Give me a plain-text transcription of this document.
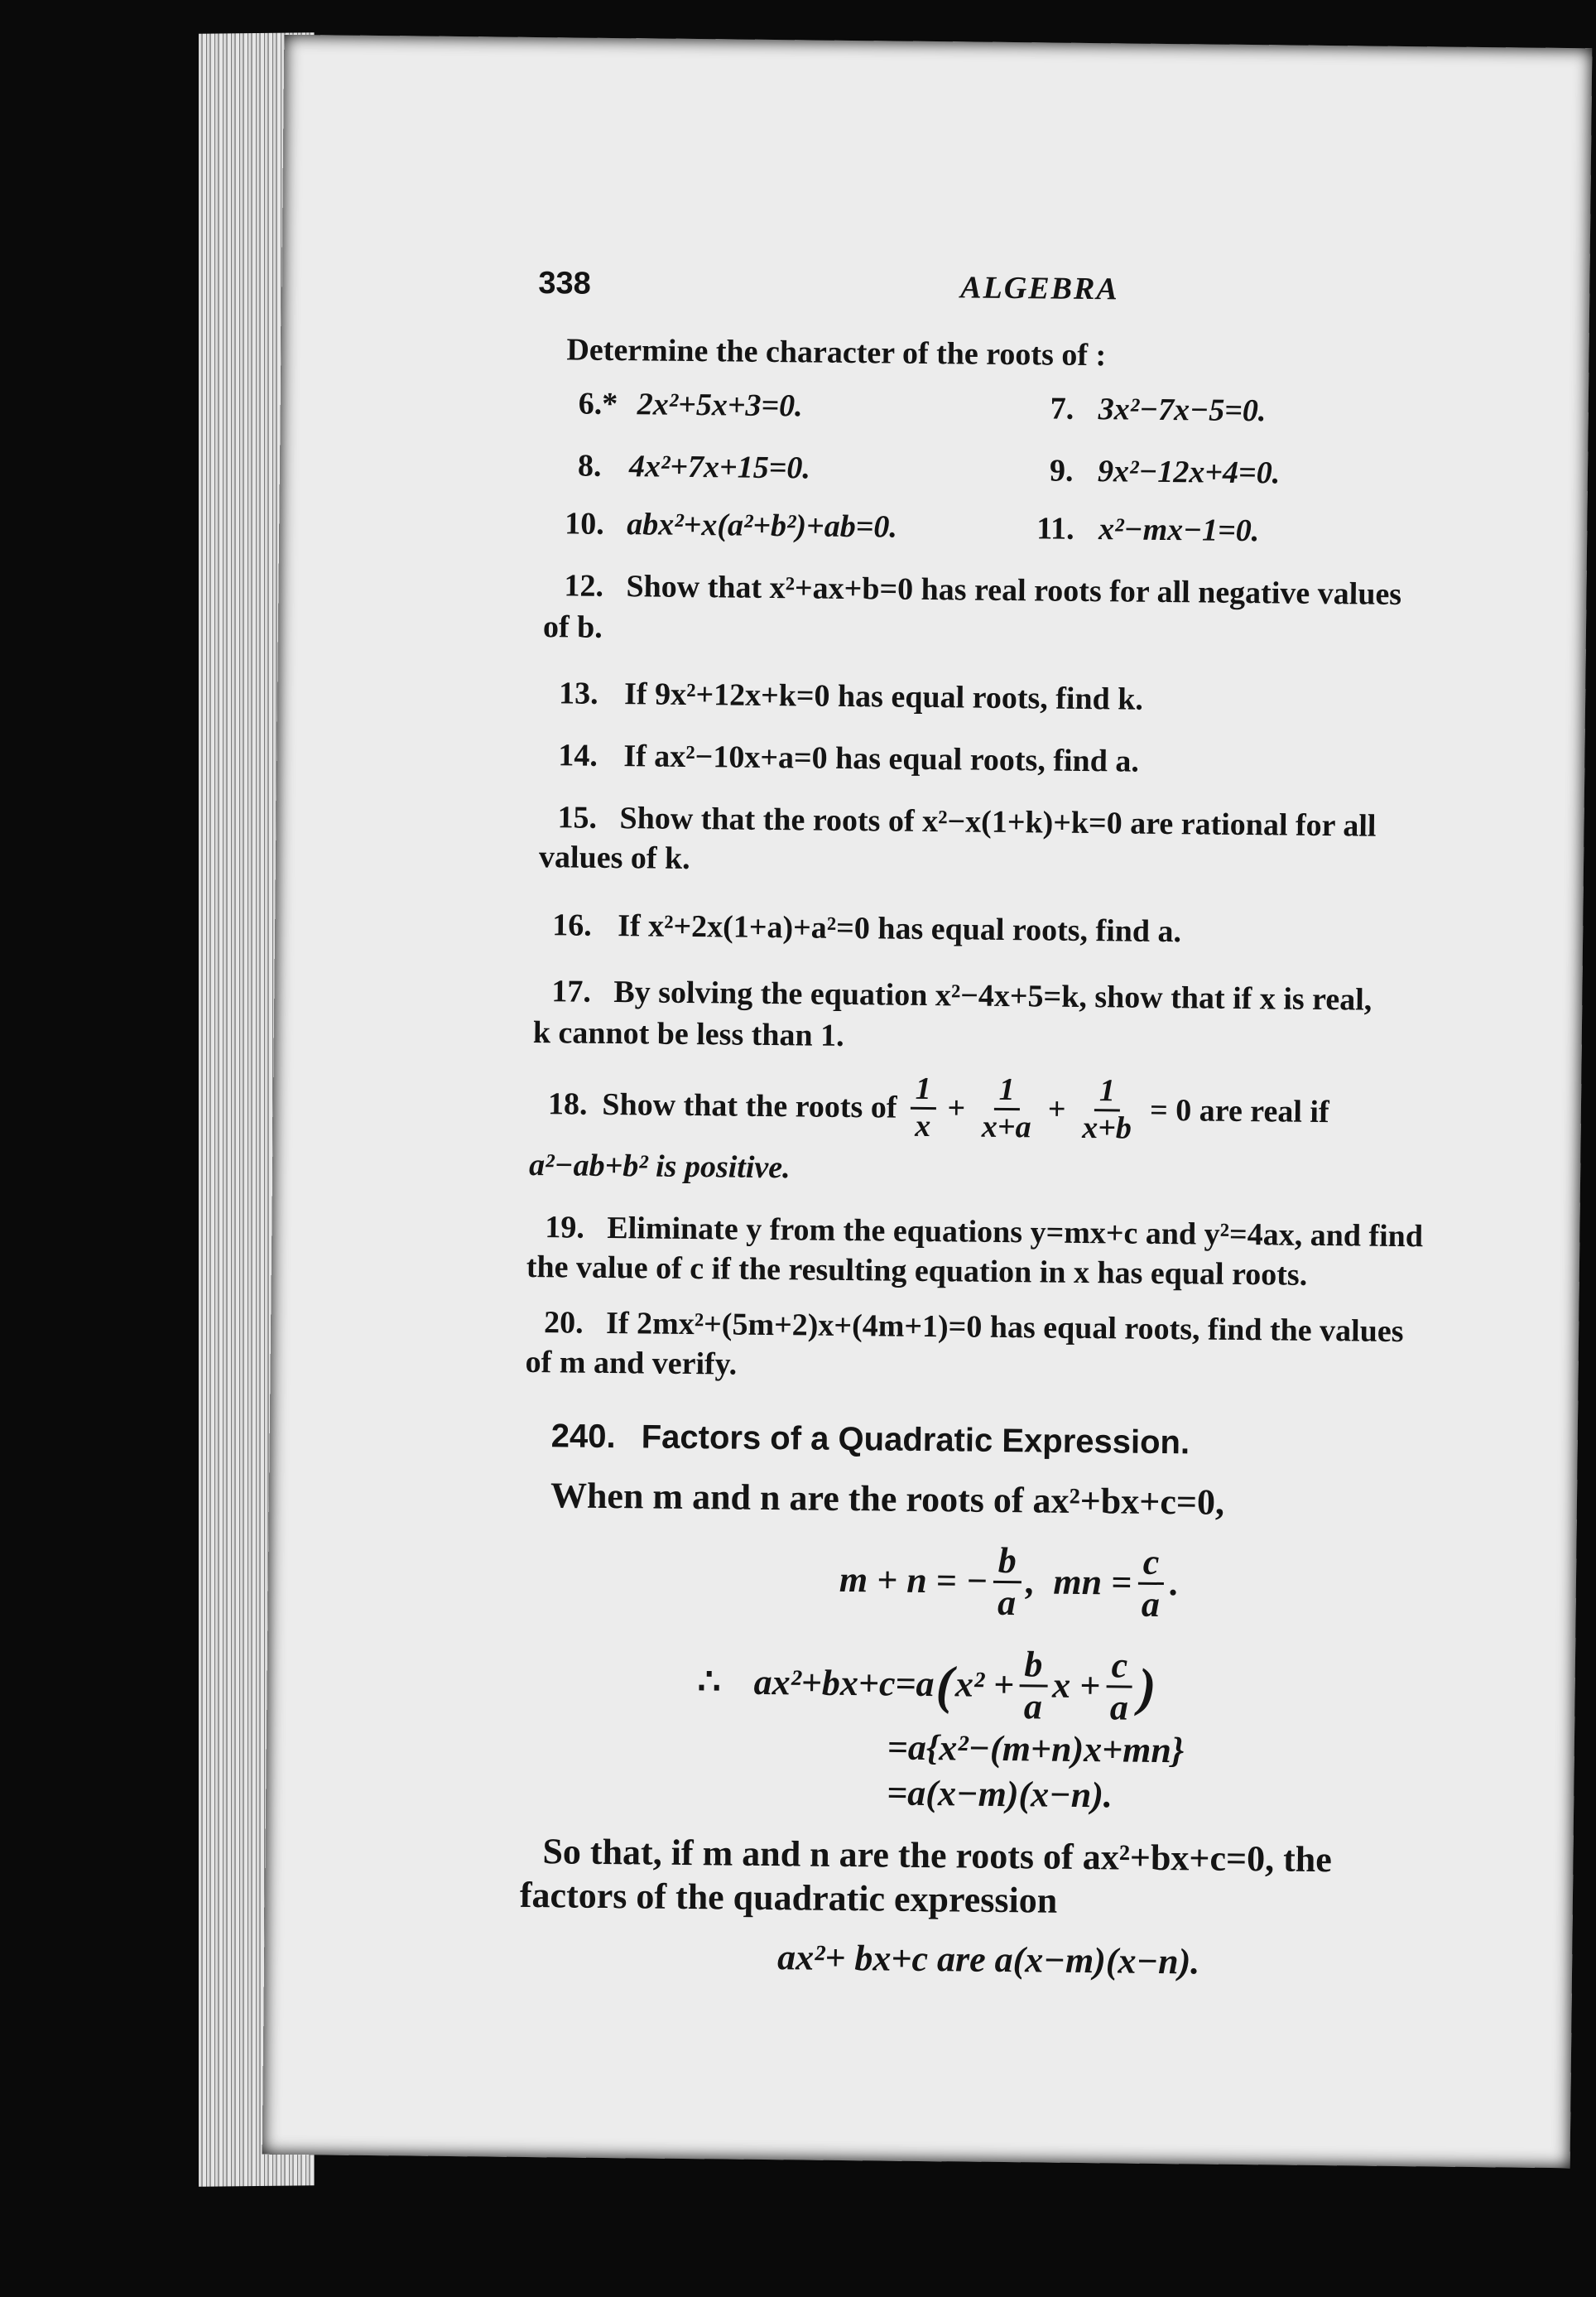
338	ALGEBRA
Determine the character of the roots of :
6.* 2x²+5x+3=0.	7. 3x²−7x−5=0.
8. 4x²+7x+15=0.	9. 9x²−12x+4=0.
10. abx²+x(a²+b²)+ab=0.	11. x²−mx−1=0.
12. Show that x²+ax+b=0 has real roots for all negative values
of b.
13. If 9x²+12x+k=0 has equal roots, find k.
14. If ax²−10x+a=0 has equal roots, find a.
15. Show that the roots of x²−x(1+k)+k=0 are rational for all
values of k.
16. If x²+2x(1+a)+a²=0 has equal roots, find a.
17. By solving the equation x²−4x+5=k, show that if x is real,
k cannot be less than 1.
18. Show that the roots of $\frac{1}{x} + \frac{1}{x+a} + \frac{1}{x+b} = 0$ are real if
a²−ab+b² is positive.
19. Eliminate y from the equations y=mx+c and y²=4ax, and find
the value of c if the resulting equation in x has equal roots.
20. If 2mx²+(5m+2)x+(4m+1)=0 has equal roots, find the values
of m and verify.
240. Factors of a Quadratic Expression.
When m and n are the roots of ax²+bx+c=0,
m + n = − $\frac{b}{a}$ ,  mn = $\frac{c}{a}$ .
∴ ax²+bx+c=a ( $x^2 + \frac{b}{a}$ $x + \frac{c}{a}$ )
=a{x²−(m+n)x+mn}
=a(x−m)(x−n).
So that, if m and n are the roots of ax²+bx+c=0, the
factors of the quadratic expression
ax²+ bx+c are a(x−m)(x−n).
